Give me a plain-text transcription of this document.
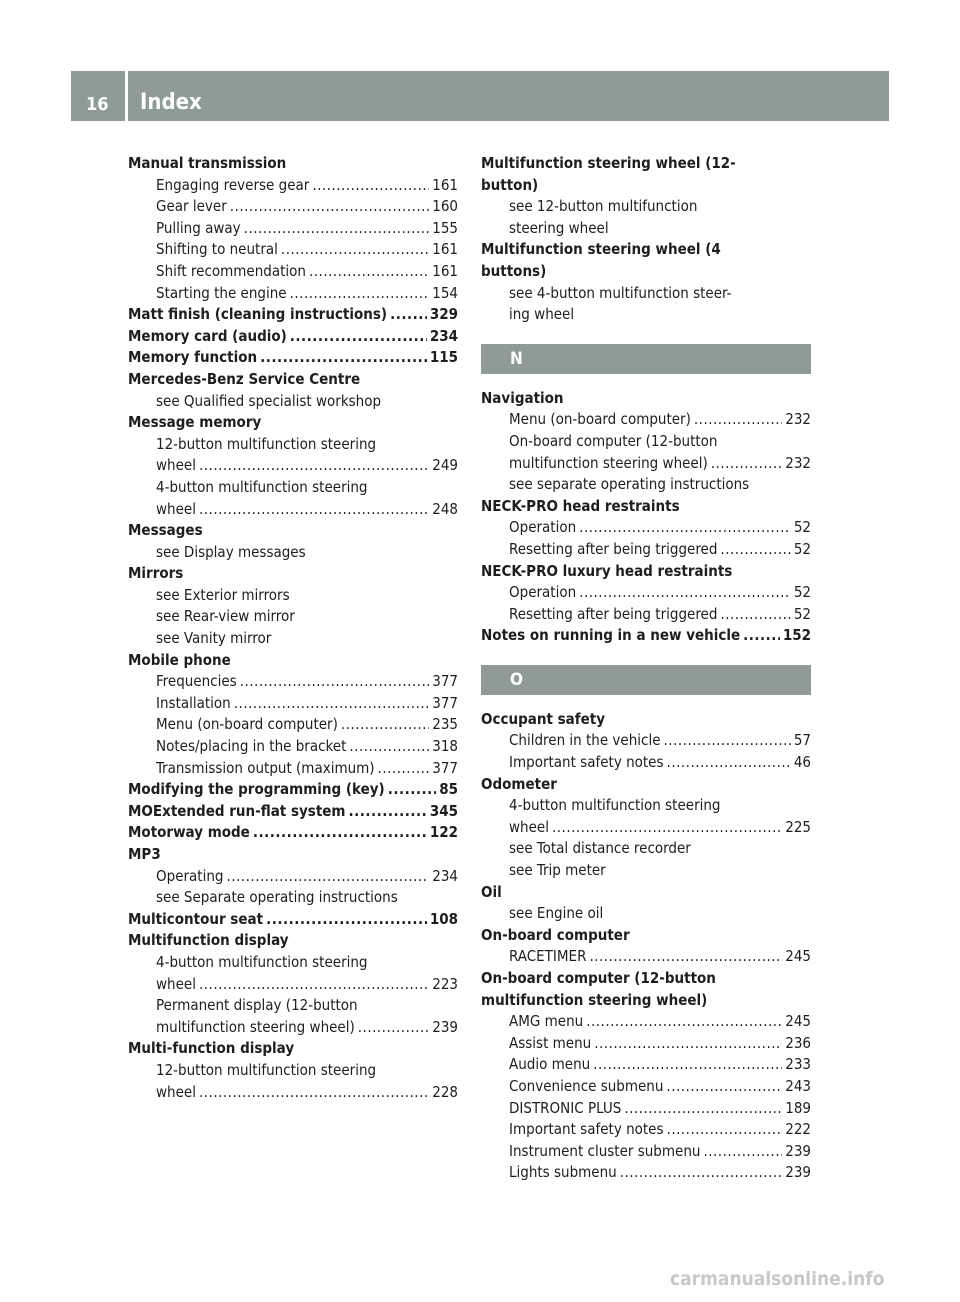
16 Index
Manual transmission
Engaging reverse gear .....	161
Gear lever .....	160
Pulling away .....	155
Shifting to neutral .....	161
Shift recommendation .....	161
Starting the engine .....	154
Matt finish (cleaning instructions) .....	329
Memory card (audio) .....	234
Memory function .....	115
Mercedes-Benz Service Centre
see Qualified specialist workshop
Message memory
12-button multifunction steering
wheel .....	249
4-button multifunction steering
wheel .....	248
Messages
see Display messages
Mirrors
see Exterior mirrors
see Rear-view mirror
see Vanity mirror
Mobile phone
Frequencies .....	377
Installation .....	377
Menu (on-board computer) .....	235
Notes/placing in the bracket .....	318
Transmission output (maximum) .....	377
Modifying the programming (key) .....	85
MOExtended run-flat system .....	345
Motorway mode .....	122
MP3
Operating .....	234
see Separate operating instructions
Multicontour seat .....	108
Multifunction display
4-button multifunction steering
wheel .....	223
Permanent display (12-button
multifunction steering wheel) .....	239
Multi-function display
12-button multifunction steering
wheel .....	228
Multifunction steering wheel (12-
button)
see 12-button multifunction
steering wheel
Multifunction steering wheel (4
buttons)
see 4-button multifunction steer-
ing wheel
N
Navigation
Menu (on-board computer) .....	232
On-board computer (12-button
multifunction steering wheel) .....	232
see separate operating instructions
NECK-PRO head restraints
Operation .....	52
Resetting after being triggered .....	52
NECK-PRO luxury head restraints
Operation .....	52
Resetting after being triggered .....	52
Notes on running in a new vehicle .....	152
O
Occupant safety
Children in the vehicle .....	57
Important safety notes .....	46
Odometer
4-button multifunction steering
wheel .....	225
see Total distance recorder
see Trip meter
Oil
see Engine oil
On-board computer
RACETIMER .....	245
On-board computer (12-button
multifunction steering wheel)
AMG menu .....	245
Assist menu .....	236
Audio menu .....	233
Convenience submenu .....	243
DISTRONIC PLUS .....	189
Important safety notes .....	222
Instrument cluster submenu .....	239
Lights submenu .....	239
carmanualsonline.info
